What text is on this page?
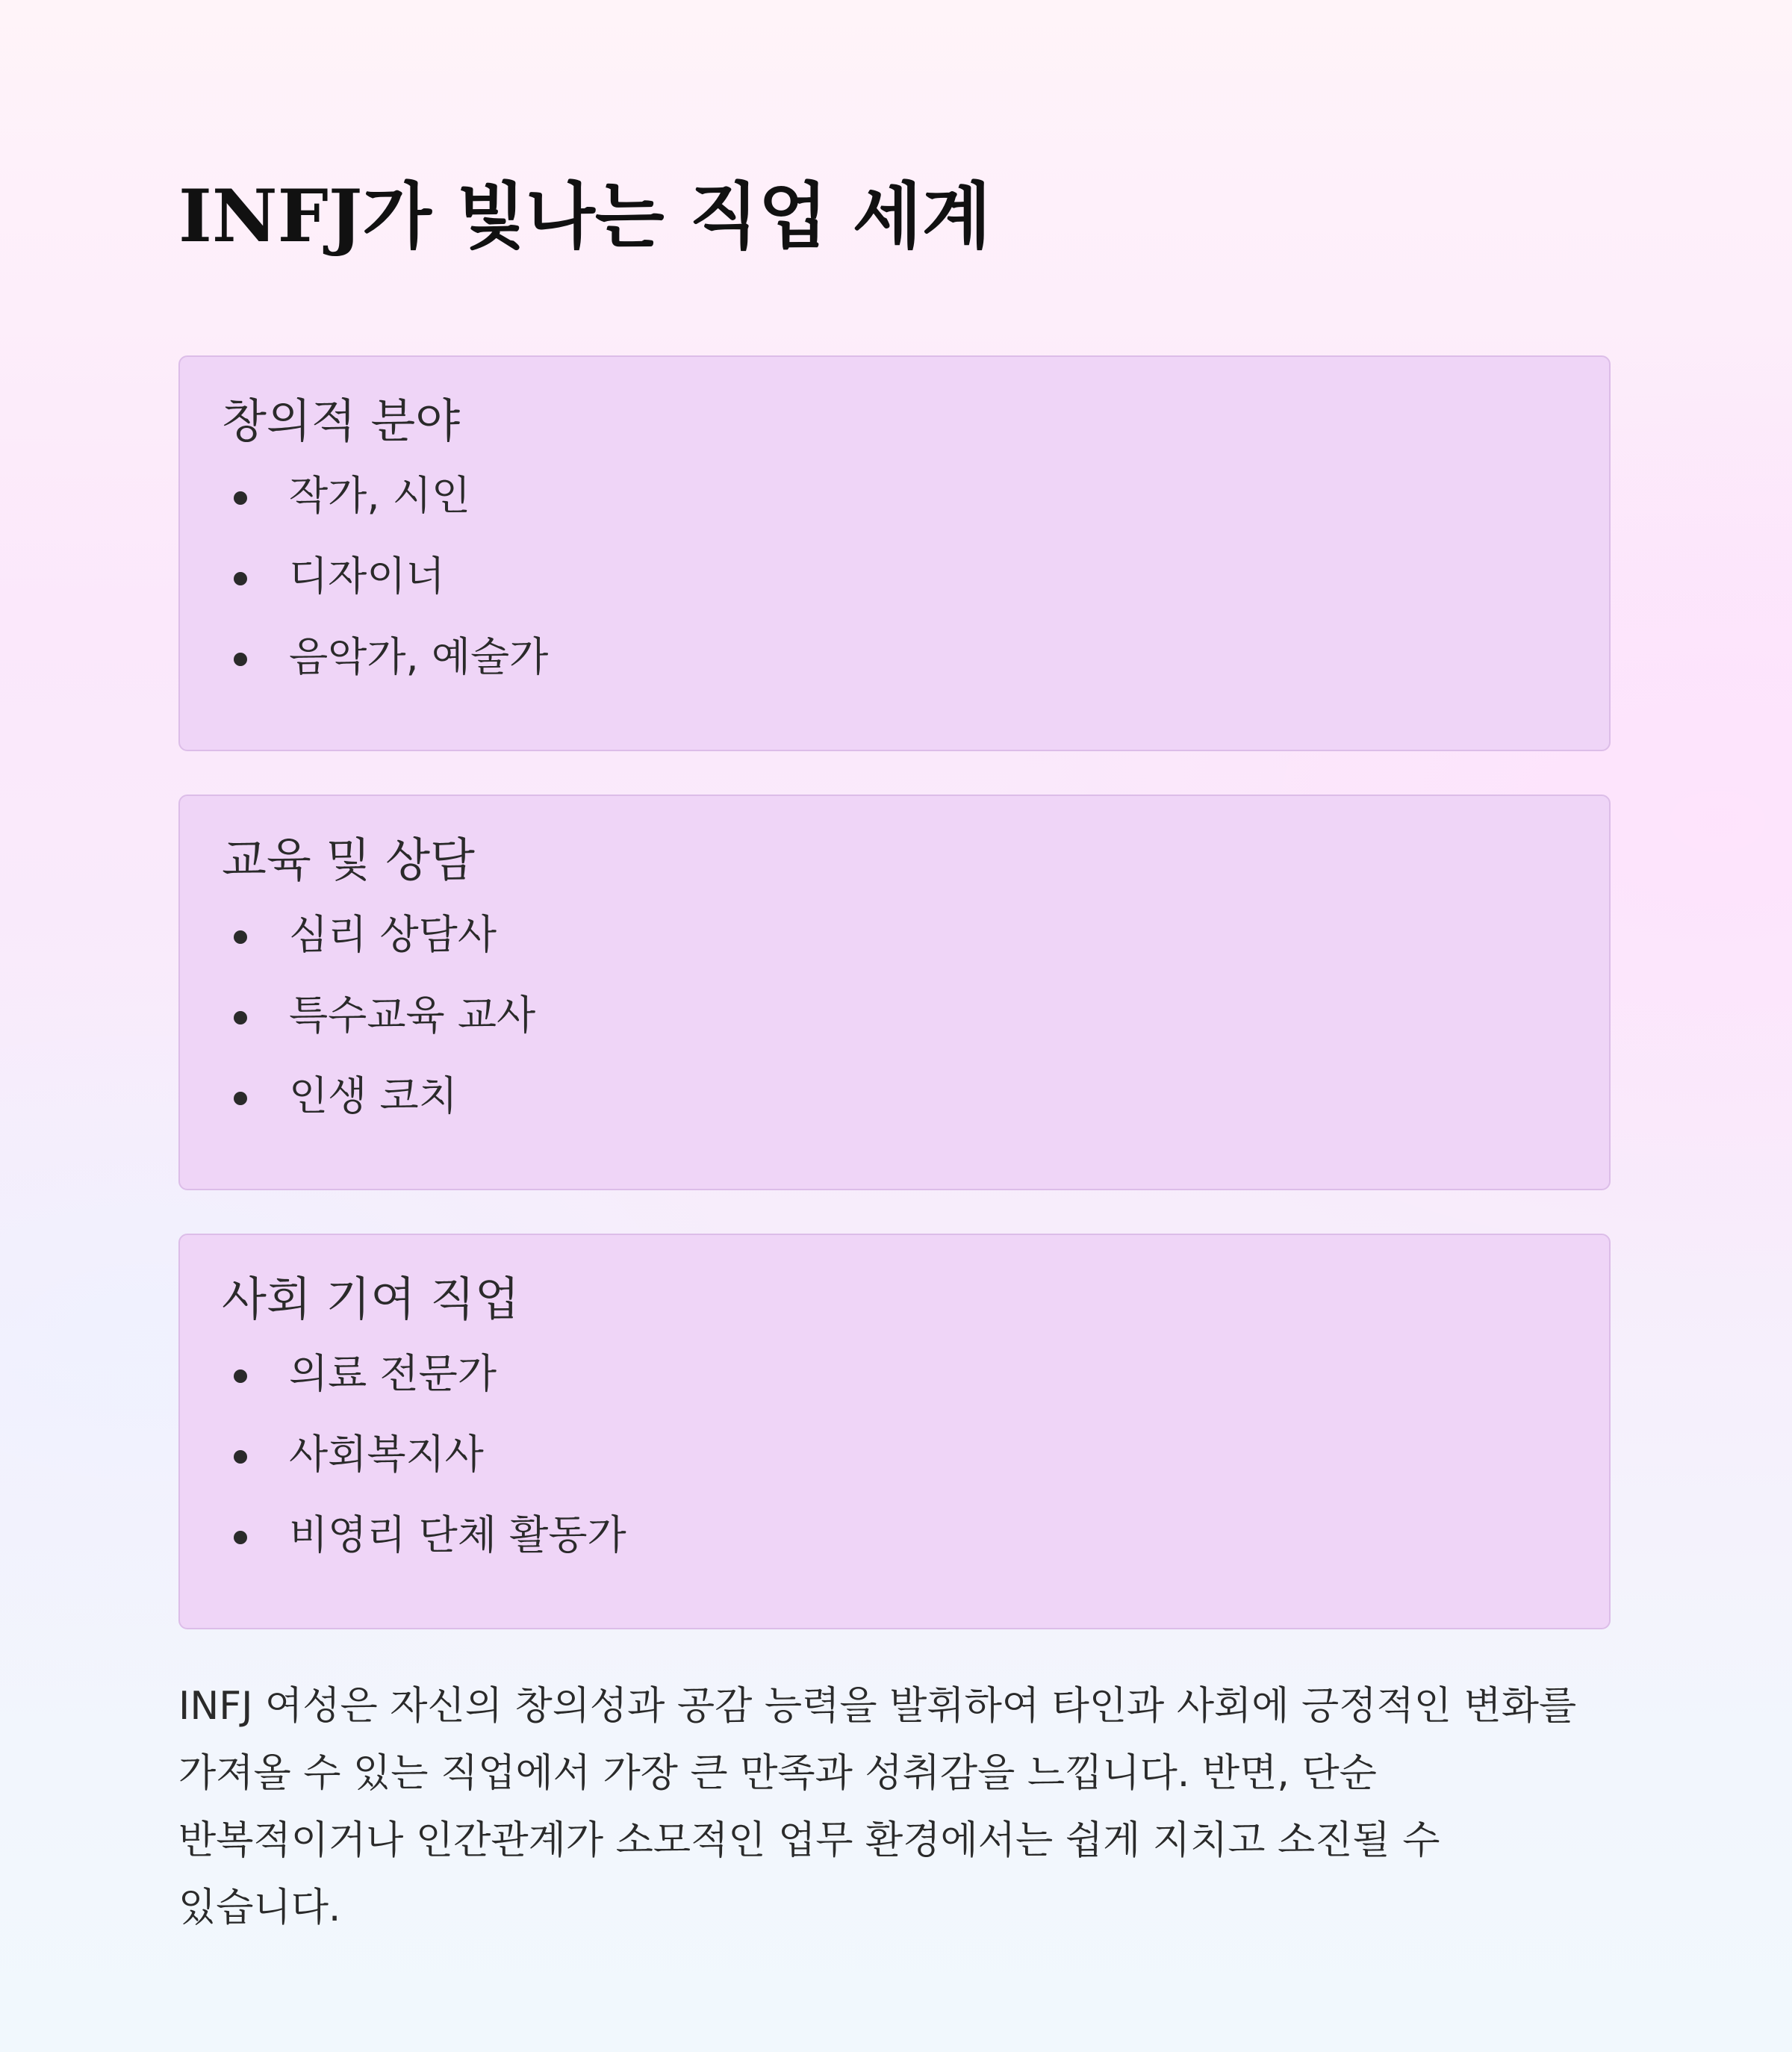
INFJ가 빛나는 직업 세계
창의적 분야
작가, 시인
디자이너
음악가, 예술가
교육 및 상담
심리 상담사
특수교육 교사
인생 코치
사회 기여 직업
의료 전문가
사회복지사
비영리 단체 활동가

INFJ 여성은 자신의 창의성과 공감 능력을 발휘하여 타인과 사회에 긍정적인 변화를 가져올 수 있는 직업에서 가장 큰 만족과 성취감을 느낍니다. 반면, 단순 반복적이거나 인간관계가 소모적인 업무 환경에서는 쉽게 지치고 소진될 수 있습니다.
